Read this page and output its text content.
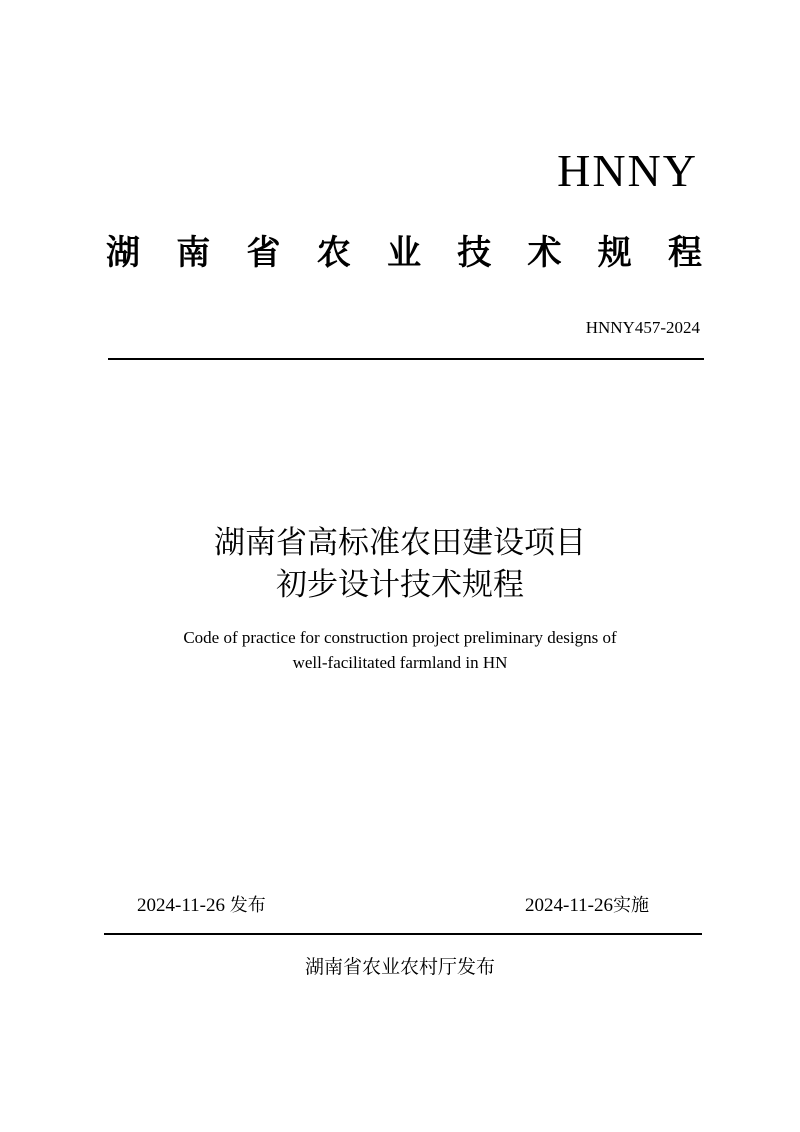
HNNY
湖 南 省 农 业 技 术 规 程
HNNY457-2024
湖南省高标准农田建设项目
初步设计技术规程
Code of practice for construction project preliminary designs of
well-facilitated farmland in HN
2024-11-26 发布	2024-11-26实施
湖南省农业农村厅发布
